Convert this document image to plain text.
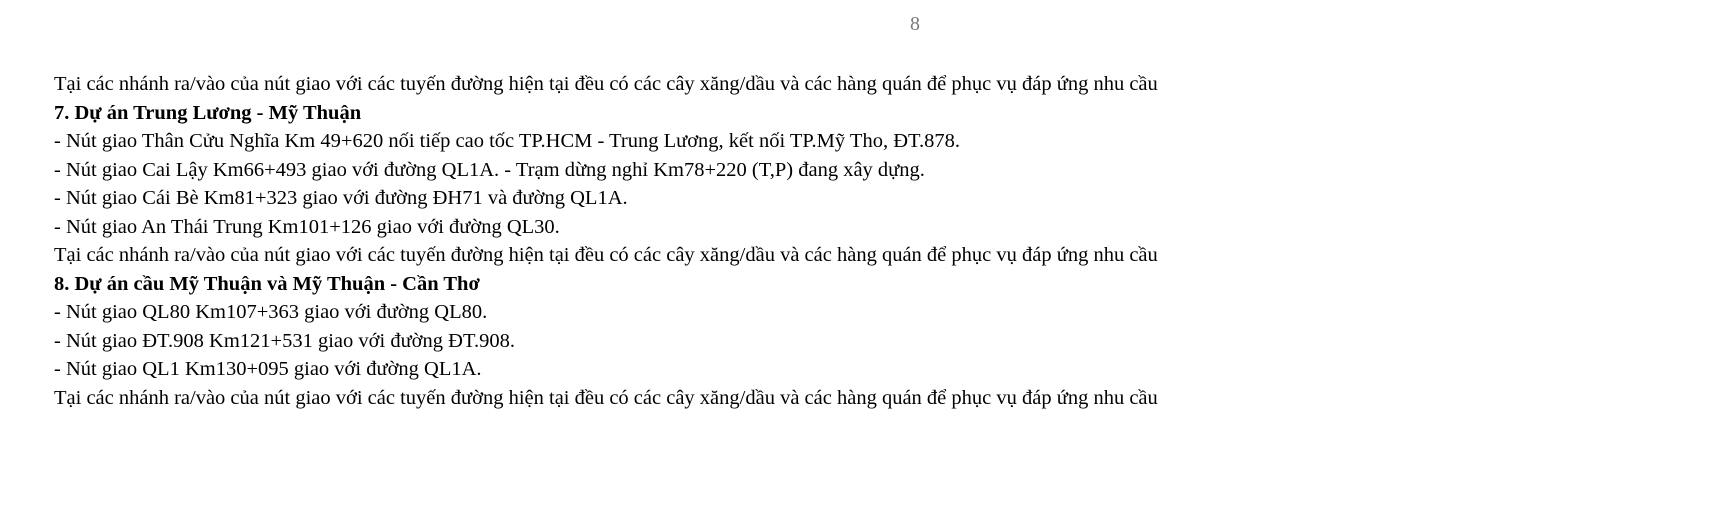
8

Tại các nhánh ra/vào của nút giao với các tuyến đường hiện tại đều có các cây xăng/dầu và các hàng quán để phục vụ đáp ứng nhu cầu

7. Dự án Trung Lương - Mỹ Thuận

- Nút giao Thân Cửu Nghĩa Km 49+620 nối tiếp cao tốc TP.HCM - Trung Lương, kết nối TP.Mỹ Tho, ĐT.878.

- Nút giao Cai Lậy Km66+493 giao với đường QL1A. - Trạm dừng nghỉ Km78+220 (T,P) đang xây dựng.

- Nút giao Cái Bè Km81+323 giao với đường ĐH71 và đường QL1A.

- Nút giao An Thái Trung Km101+126 giao với đường QL30.

Tại các nhánh ra/vào của nút giao với các tuyến đường hiện tại đều có các cây xăng/dầu và các hàng quán để phục vụ đáp ứng nhu cầu

8. Dự án cầu Mỹ Thuận và Mỹ Thuận - Cần Thơ

- Nút giao QL80 Km107+363 giao với đường QL80.

- Nút giao ĐT.908 Km121+531 giao với đường ĐT.908.

- Nút giao QL1 Km130+095 giao với đường QL1A.

Tại các nhánh ra/vào của nút giao với các tuyến đường hiện tại đều có các cây xăng/dầu và các hàng quán để phục vụ đáp ứng nhu cầu
